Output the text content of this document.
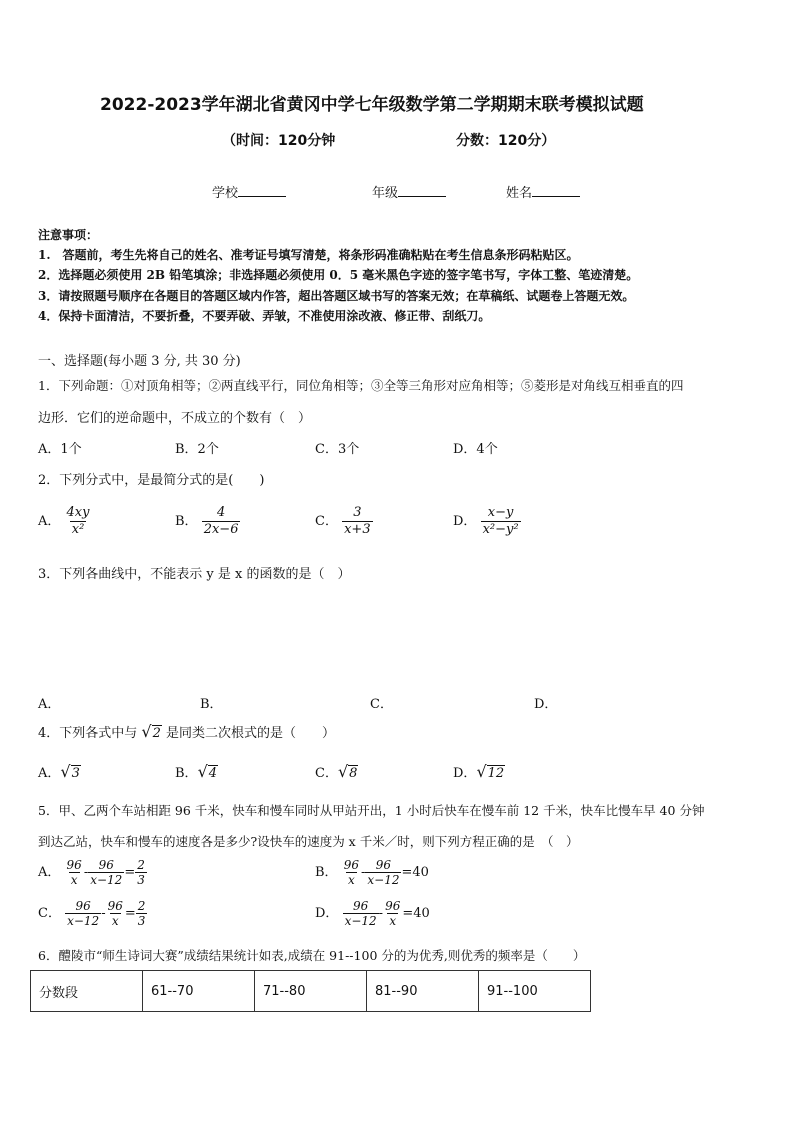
2022-2023学年湖北省黄冈中学七年级数学第二学期期末联考模拟试题
（时间：120分钟	分数：120分）
学校	年级	姓名
注意事项：
1.　答题前，考生先将自己的姓名、准考证号填写清楚，将条形码准确粘贴在考生信息条形码粘贴区。
2．选择题必须使用 2B 铅笔填涂；非选择题必须使用 0．5 毫米黑色字迹的签字笔书写，字体工整、笔迹清楚。
3．请按照题号顺序在各题目的答题区域内作答，超出答题区域书写的答案无效；在草稿纸、试题卷上答题无效。
4．保持卡面清洁，不要折叠，不要弄破、弄皱，不准使用涂改液、修正带、刮纸刀。
一、选择题(每小题 3 分, 共 30 分)
1．下列命题：①对顶角相等；②两直线平行，同位角相等；③全等三角形对应角相等；⑤菱形是对角线互相垂直的四
边形．它们的逆命题中，不成立的个数有（　）
A．1个	B．2个	C．3个	D．4个
2．下列分式中，是最简分式的是(　　)
A． $\frac{4xy}{\text{x²}}$	B． $\frac{4}{2x-6}$	C． $\frac{3}{x+3}$	D． $\frac{x-y}{\text{x²−y²}}$
3．下列各曲线中，不能表示 y 是 x 的函数的是（　）
A．	B．	C．	D．
4．下列各式中与 √2 是同类二次根式的是（　　）
A．√3	B．√4	C．√8	D．√12
5．甲、乙两个车站相距 96 千米，快车和慢车同时从甲站开出，1 小时后快车在慢车前 12 千米，快车比慢车早 40 分钟
到达乙站，快车和慢车的速度各是多少?设快车的速度为 x 千米／时，则下列方程正确的是　（　）
A． $\frac{96}{x} - \frac{96}{x-12} = \frac{2}{3}$	B． $\frac{96}{x} - \frac{96}{x-12} =40$
C． $\frac{96}{x-12} - \frac{96}{x} = \frac{2}{3}$	D． $\frac{96}{x-12} - \frac{96}{x} =40$
6．醴陵市“师生诗词大赛”成绩结果统计如表,成绩在 91--100 分的为优秀,则优秀的频率是（　　）
分数段	61--70	71--80	81--90	91--100
